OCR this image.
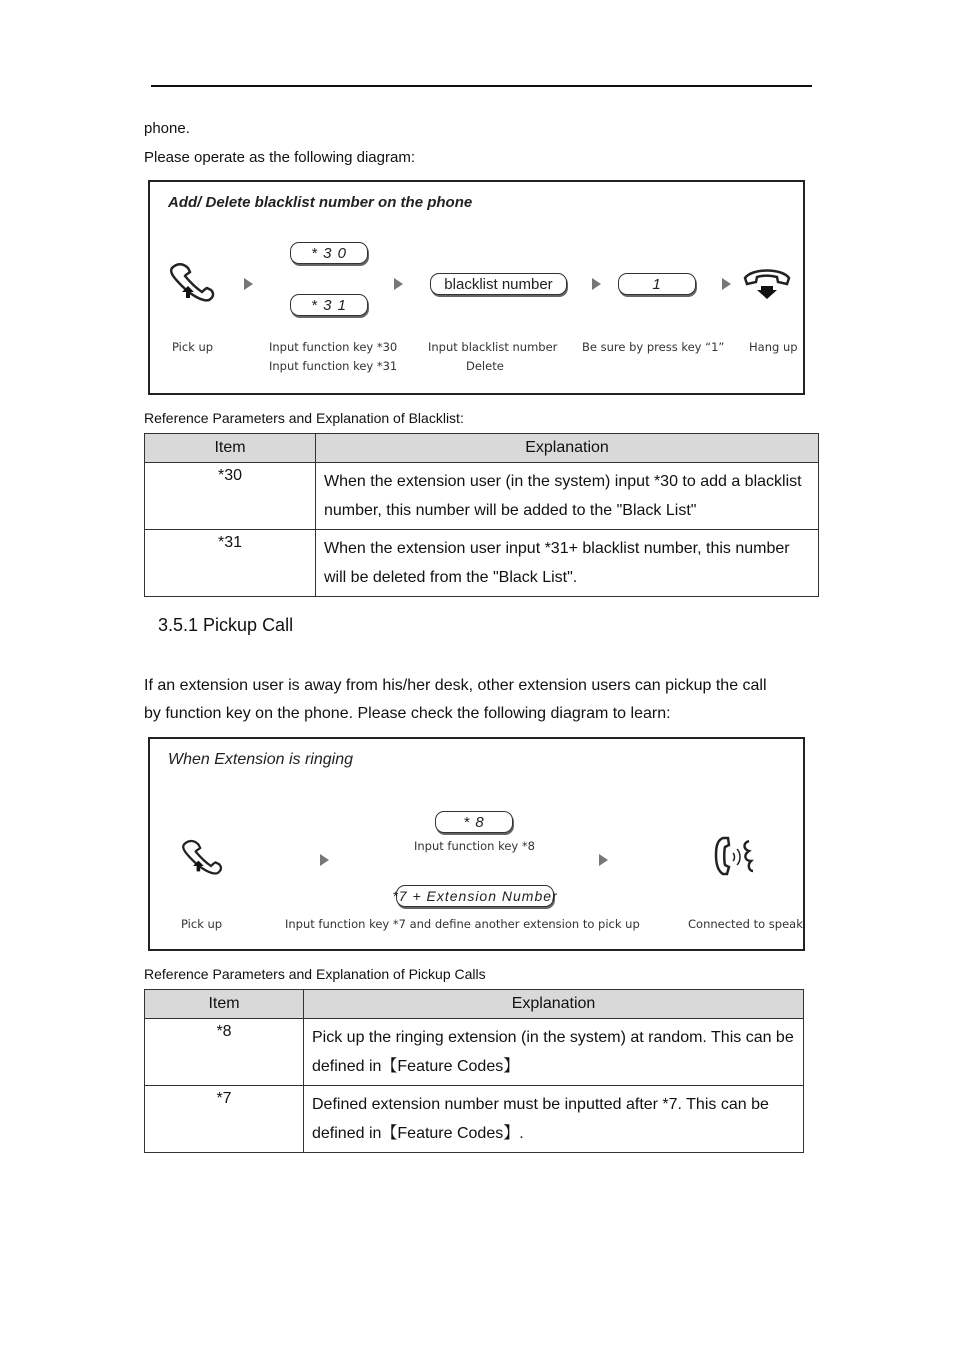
phone.
Please operate as the following diagram:
Add/ Delete blacklist number on the phone
* 3 0
* 3 1
blacklist number	1
Pick up	Input function key *30
Input function key *31
Input blacklist number
Delete
Be sure by press key “1” Hang up
Reference Parameters and Explanation of Blacklist:
Item	Explanation
*30	When the extension user (in the system) input *30 to add a blacklist number, this number will be added to the "Black List"
*31	When the extension user input *31+ blacklist number, this number will be deleted from the "Black List".
3.5.1 Pickup Call
If an extension user is away from his/her desk, other extension users can pickup the call
by function key on the phone. Please check the following diagram to learn:
When Extension is ringing
* 8
Input function key *8
*7 + Extension Number
Pick up	Input function key *7 and define another extension to pick up	Connected to speak
Reference Parameters and Explanation of Pickup Calls
Item	Explanation
*8	Pick up the ringing extension (in the system) at random. This can be defined in【Feature Codes】
*7	Defined extension number must be inputted after *7. This can be defined in【Feature Codes】.
